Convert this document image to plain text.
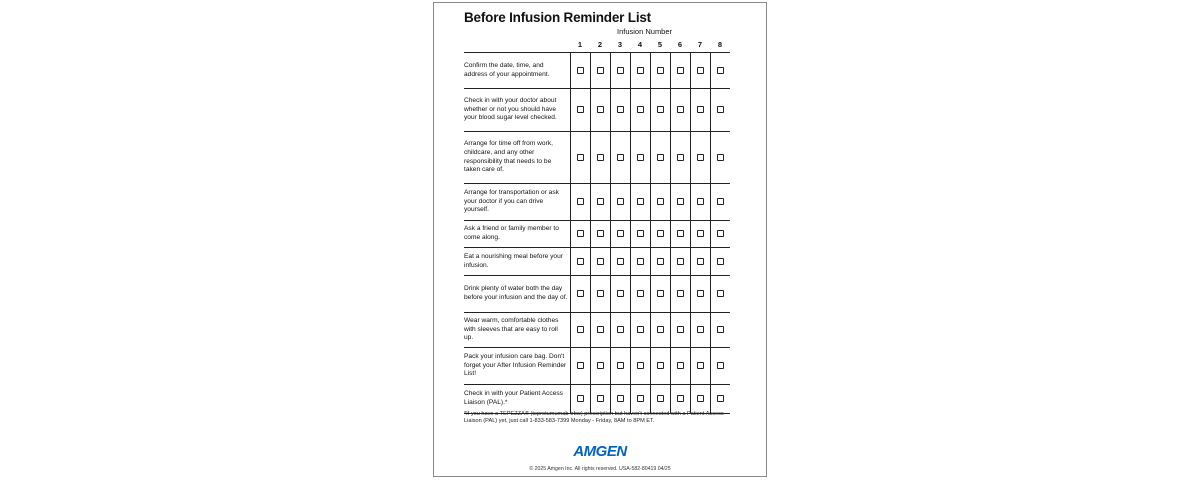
Before Infusion Reminder List
Infusion Number
	1	2	3	4	5	6	7	8
Confirm the date, time, and address of your appointment.								
Check in with your doctor about whether or not you should have your blood sugar level checked.								
Arrange for time off from work, childcare, and any other responsibility that needs to be taken care of.								
Arrange for transportation or ask your doctor if you can drive yourself.								
Ask a friend or family member to come along.								
Eat a nourishing meal before your infusion.								
Drink plenty of water both the day before your infusion and the day of.								
Wear warm, comfortable clothes with sleeves that are easy to roll up.								
Pack your infusion care bag. Don't forget your After Infusion Reminder List!								
Check in with your Patient Access Liaison (PAL).*								
*If you have a TEPEZZA® (teprotumumab-trbw) prescription but haven't connected with a Patient Access Liaison (PAL) yet, just call 1-833-583-7399 Monday - Friday, 8AM to 8PM ET.
AMGEN
© 2025 Amgen Inc. All rights reserved. USA-582-80419 04/25
